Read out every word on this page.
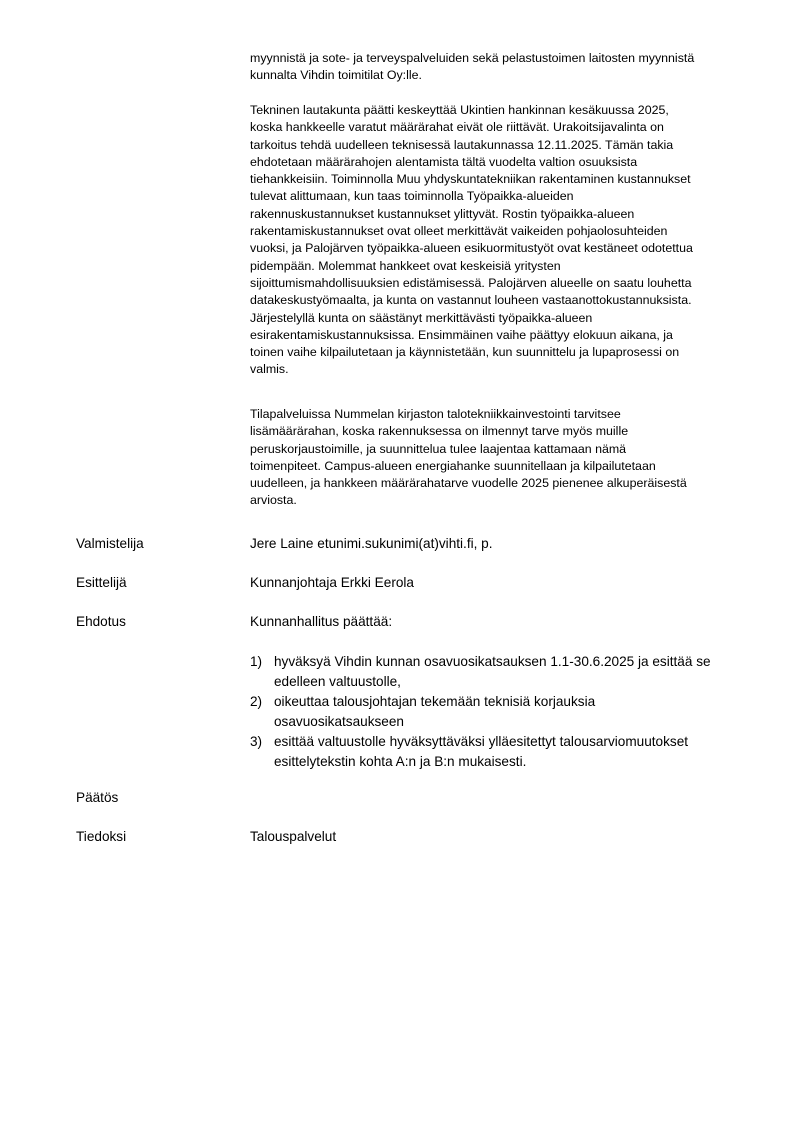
myynnistä ja sote- ja terveyspalveluiden sekä pelastustoimen laitosten myynnistä
kunnalta Vihdin toimitilat Oy:lle.

Tekninen lautakunta päätti keskeyttää Ukintien hankinnan kesäkuussa 2025,
koska hankkeelle varatut määrärahat eivät ole riittävät. Urakoitsijavalinta on
tarkoitus tehdä uudelleen teknisessä lautakunnassa 12.11.2025. Tämän takia
ehdotetaan määrärahojen alentamista tältä vuodelta valtion osuuksista
tiehankkeisiin. Toiminnolla Muu yhdyskuntatekniikan rakentaminen kustannukset
tulevat alittumaan, kun taas toiminnolla Työpaikka-alueiden
rakennuskustannukset kustannukset ylittyvät. Rostin työpaikka-alueen
rakentamiskustannukset ovat olleet merkittävät vaikeiden pohjaolosuhteiden
vuoksi, ja Palojärven työpaikka-alueen esikuormitustyöt ovat kestäneet odotettua
pidempään. Molemmat hankkeet ovat keskeisiä yritysten
sijoittumismahdollisuuksien edistämisessä. Palojärven alueelle on saatu louhetta
datakeskustyömaalta, ja kunta on vastannut louheen vastaanottokustannuksista.
Järjestelyllä kunta on säästänyt merkittävästi työpaikka-alueen
esirakentamiskustannuksissa. Ensimmäinen vaihe päättyy elokuun aikana, ja
toinen vaihe kilpailutetaan ja käynnistetään, kun suunnittelu ja lupaprosessi on
valmis.

Tilapalveluissa Nummelan kirjaston talotekniikkainvestointi tarvitsee
lisämäärärahan, koska rakennuksessa on ilmennyt tarve myös muille
peruskorjaustoimille, ja suunnittelua tulee laajentaa kattamaan nämä
toimenpiteet. Campus-alueen energiahanke suunnitellaan ja kilpailutetaan
uudelleen, ja hankkeen määrärahatarve vuodelle 2025 pienenee alkuperäisestä
arviosta.

Valmistelija	Jere Laine etunimi.sukunimi(at)vihti.fi, p.
Esittelijä	Kunnanjohtaja Erkki Eerola
Ehdotus	Kunnanhallitus päättää:
1) hyväksyä Vihdin kunnan osavuosikatsauksen 1.1-30.6.2025 ja esittää se
edelleen valtuustolle,
2) oikeuttaa talousjohtajan tekemään teknisiä korjauksia
osavuosikatsaukseen
3) esittää valtuustolle hyväksyttäväksi ylläesitettyt talousarviomuutokset
esittelytekstin kohta A:n ja B:n mukaisesti.
Päätös
Tiedoksi	Talouspalvelut
